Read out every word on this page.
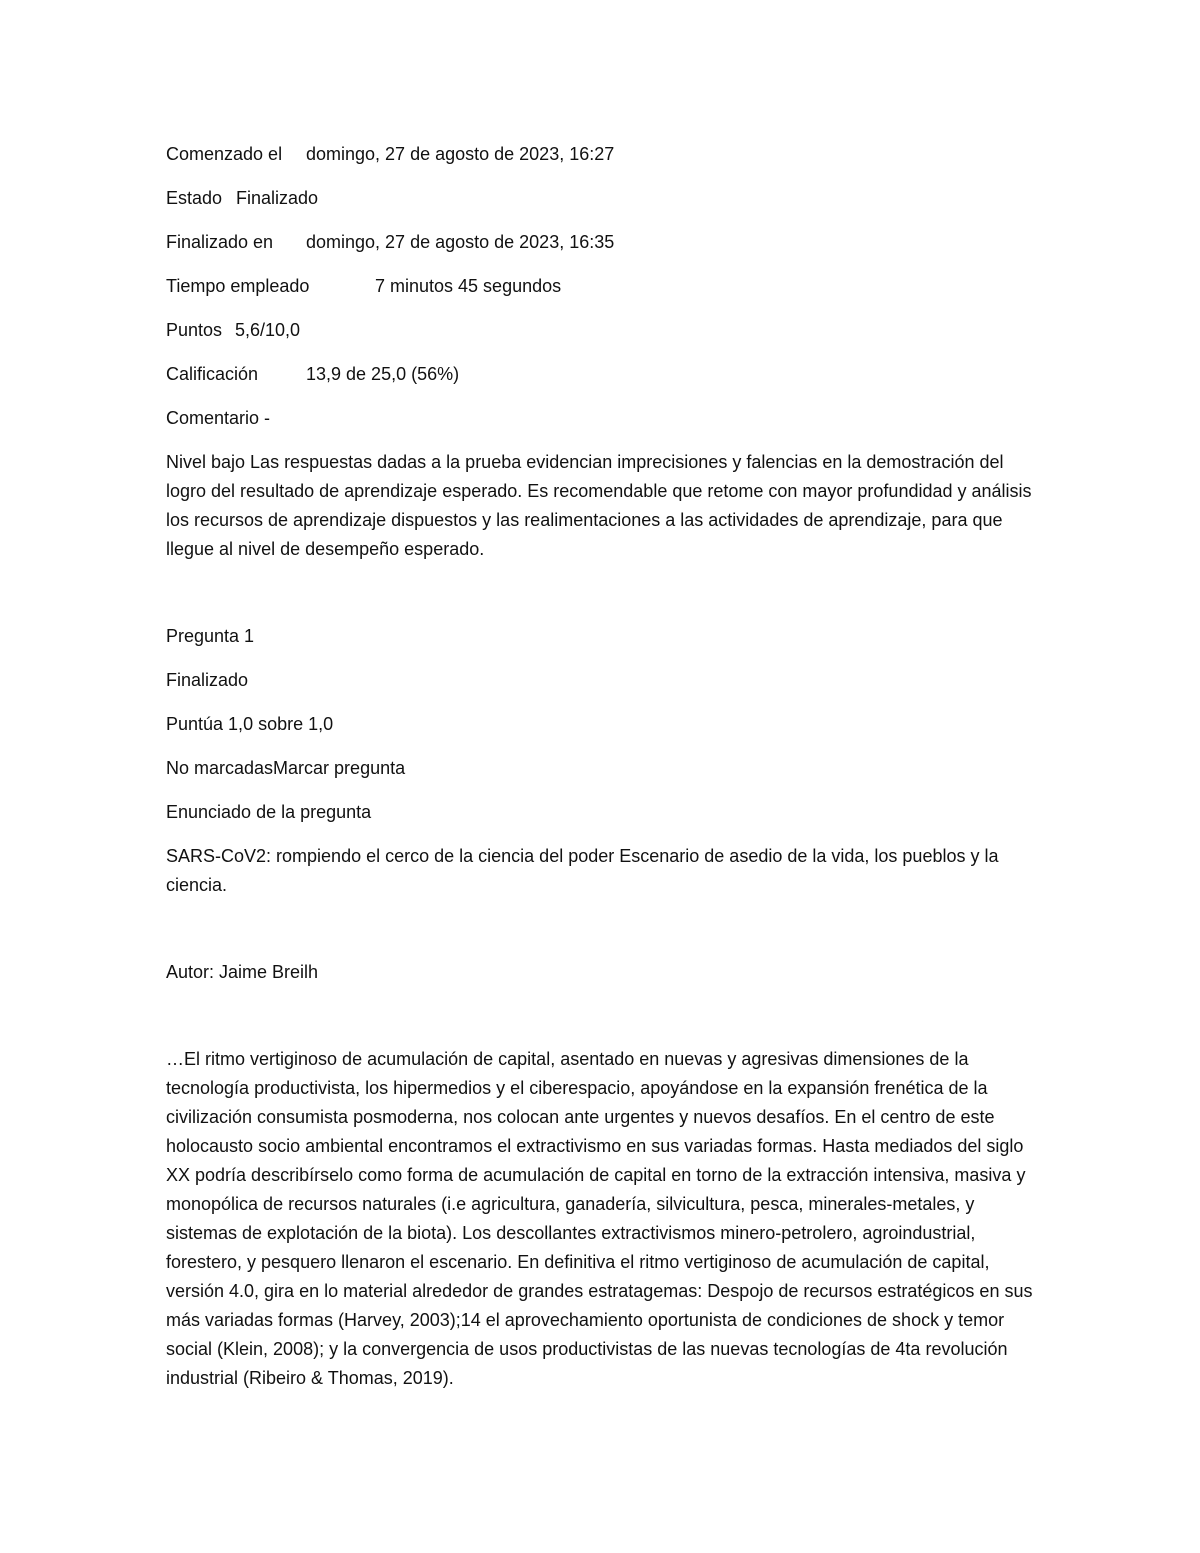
Comenzado el domingo, 27 de agosto de 2023, 16:27
Estado Finalizado
Finalizado en domingo, 27 de agosto de 2023, 16:35
Tiempo empleado	7 minutos 45 segundos
Puntos 5,6/10,0
Calificación	13,9 de 25,0 (56%)
Comentario -

Nivel bajo Las respuestas dadas a la prueba evidencian imprecisiones y falencias en la demostración del logro del resultado de aprendizaje esperado. Es recomendable que retome con mayor profundidad y análisis los recursos de aprendizaje dispuestos y las realimentaciones a las actividades de aprendizaje, para que llegue al nivel de desempeño esperado.

Pregunta 1
Finalizado
Puntúa 1,0 sobre 1,0
No marcadasMarcar pregunta
Enunciado de la pregunta

SARS-CoV2: rompiendo el cerco de la ciencia del poder Escenario de asedio de la vida, los pueblos y la ciencia.

Autor: Jaime Breilh

…El ritmo vertiginoso de acumulación de capital, asentado en nuevas y agresivas dimensiones de la tecnología productivista, los hipermedios y el ciberespacio, apoyándose en la expansión frenética de la civilización consumista posmoderna, nos colocan ante urgentes y nuevos desafíos. En el centro de este holocausto socio ambiental encontramos el extractivismo en sus variadas formas. Hasta mediados del siglo XX podría describírselo como forma de acumulación de capital en torno de la extracción intensiva, masiva y monopólica de recursos naturales (i.e agricultura, ganadería, silvicultura, pesca, minerales-metales, y sistemas de explotación de la biota). Los descollantes extractivismos minero-petrolero, agroindustrial, forestero, y pesquero llenaron el escenario. En definitiva el ritmo vertiginoso de acumulación de capital, versión 4.0, gira en lo material alrededor de grandes estratagemas: Despojo de recursos estratégicos en sus más variadas formas (Harvey, 2003);14 el aprovechamiento oportunista de condiciones de shock y temor social (Klein, 2008); y la convergencia de usos productivistas de las nuevas tecnologías de 4ta revolución industrial (Ribeiro & Thomas, 2019).
